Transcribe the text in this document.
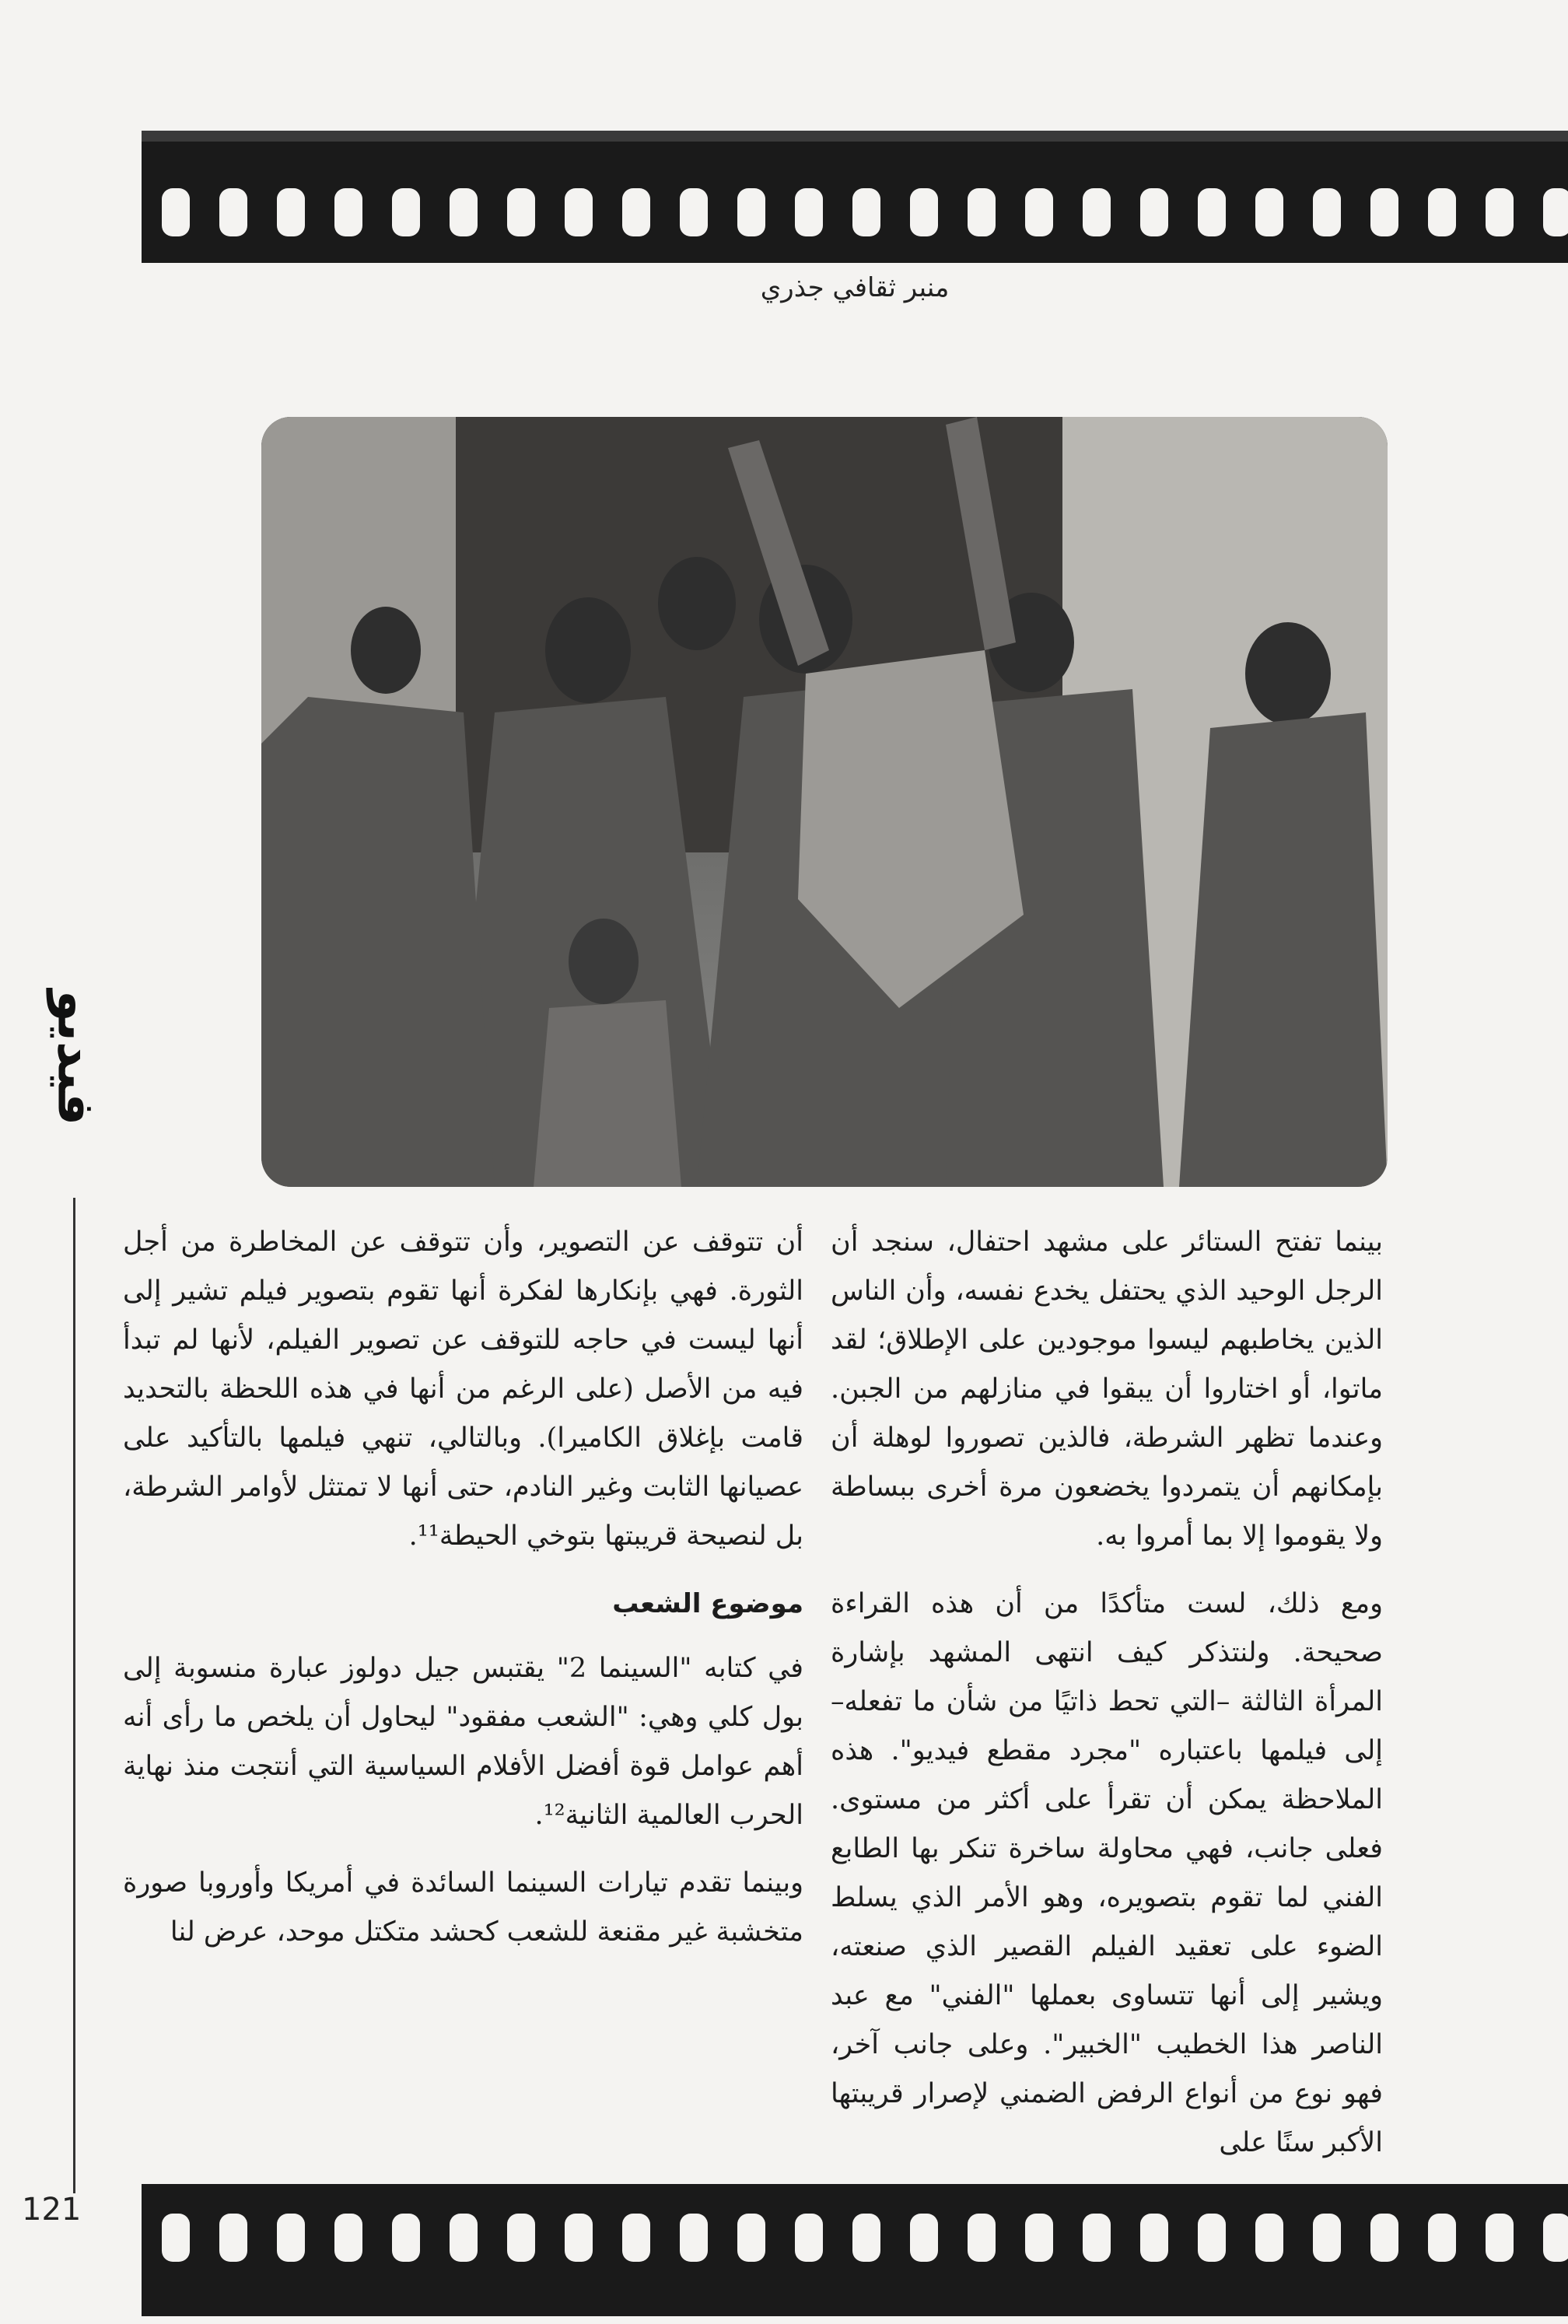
منبر ثقافي جذري
فيديو
121

بينما تفتح الستائر على مشهد احتفال، سنجد أن الرجل الوحيد الذي يحتفل يخدع نفسه، وأن الناس الذين يخاطبهم ليسوا موجودين على الإطلاق؛ لقد ماتوا، أو اختاروا أن يبقوا في منازلهم من الجبن. وعندما تظهر الشرطة، فالذين تصوروا لوهلة أن بإمكانهم أن يتمردوا يخضعون مرة أخرى ببساطة ولا يقوموا إلا بما أمروا به.

ومع ذلك، لست متأكدًا من أن هذه القراءة صحيحة. ولنتذكر كيف انتهى المشهد بإشارة المرأة الثالثة –التي تحط ذاتيًا من شأن ما تفعله– إلى فيلمها باعتباره "مجرد مقطع فيديو". هذه الملاحظة يمكن أن تقرأ على أكثر من مستوى. فعلى جانب، فهي محاولة ساخرة تنكر بها الطابع الفني لما تقوم بتصويره، وهو الأمر الذي يسلط الضوء على تعقيد الفيلم القصير الذي صنعته، ويشير إلى أنها تتساوى بعملها "الفني" مع عبد الناصر هذا الخطيب "الخبير". وعلى جانب آخر، فهو نوع من أنواع الرفض الضمني لإصرار قريبتها الأكبر سنًا على

أن تتوقف عن التصوير، وأن تتوقف عن المخاطرة من أجل الثورة. فهي بإنكارها لفكرة أنها تقوم بتصوير فيلم تشير إلى أنها ليست في حاجه للتوقف عن تصوير الفيلم، لأنها لم تبدأ فيه من الأصل (على الرغم من أنها في هذه اللحظة بالتحديد قامت بإغلاق الكاميرا). وبالتالي، تنهي فيلمها بالتأكيد على عصيانها الثابت وغير النادم، حتى أنها لا تمتثل لأوامر الشرطة، بل لنصيحة قريبتها بتوخي الحيطة¹¹.

موضوع الشعب

في كتابه "السينما 2" يقتبس جيل دولوز عبارة منسوبة إلى بول كلي وهي: "الشعب مفقود" ليحاول أن يلخص ما رأى أنه أهم عوامل قوة أفضل الأفلام السياسية التي أنتجت منذ نهاية الحرب العالمية الثانية¹².

وبينما تقدم تيارات السينما السائدة في أمريكا وأوروبا صورة متخشبة غير مقنعة للشعب كحشد متكتل موحد، عرض لنا
